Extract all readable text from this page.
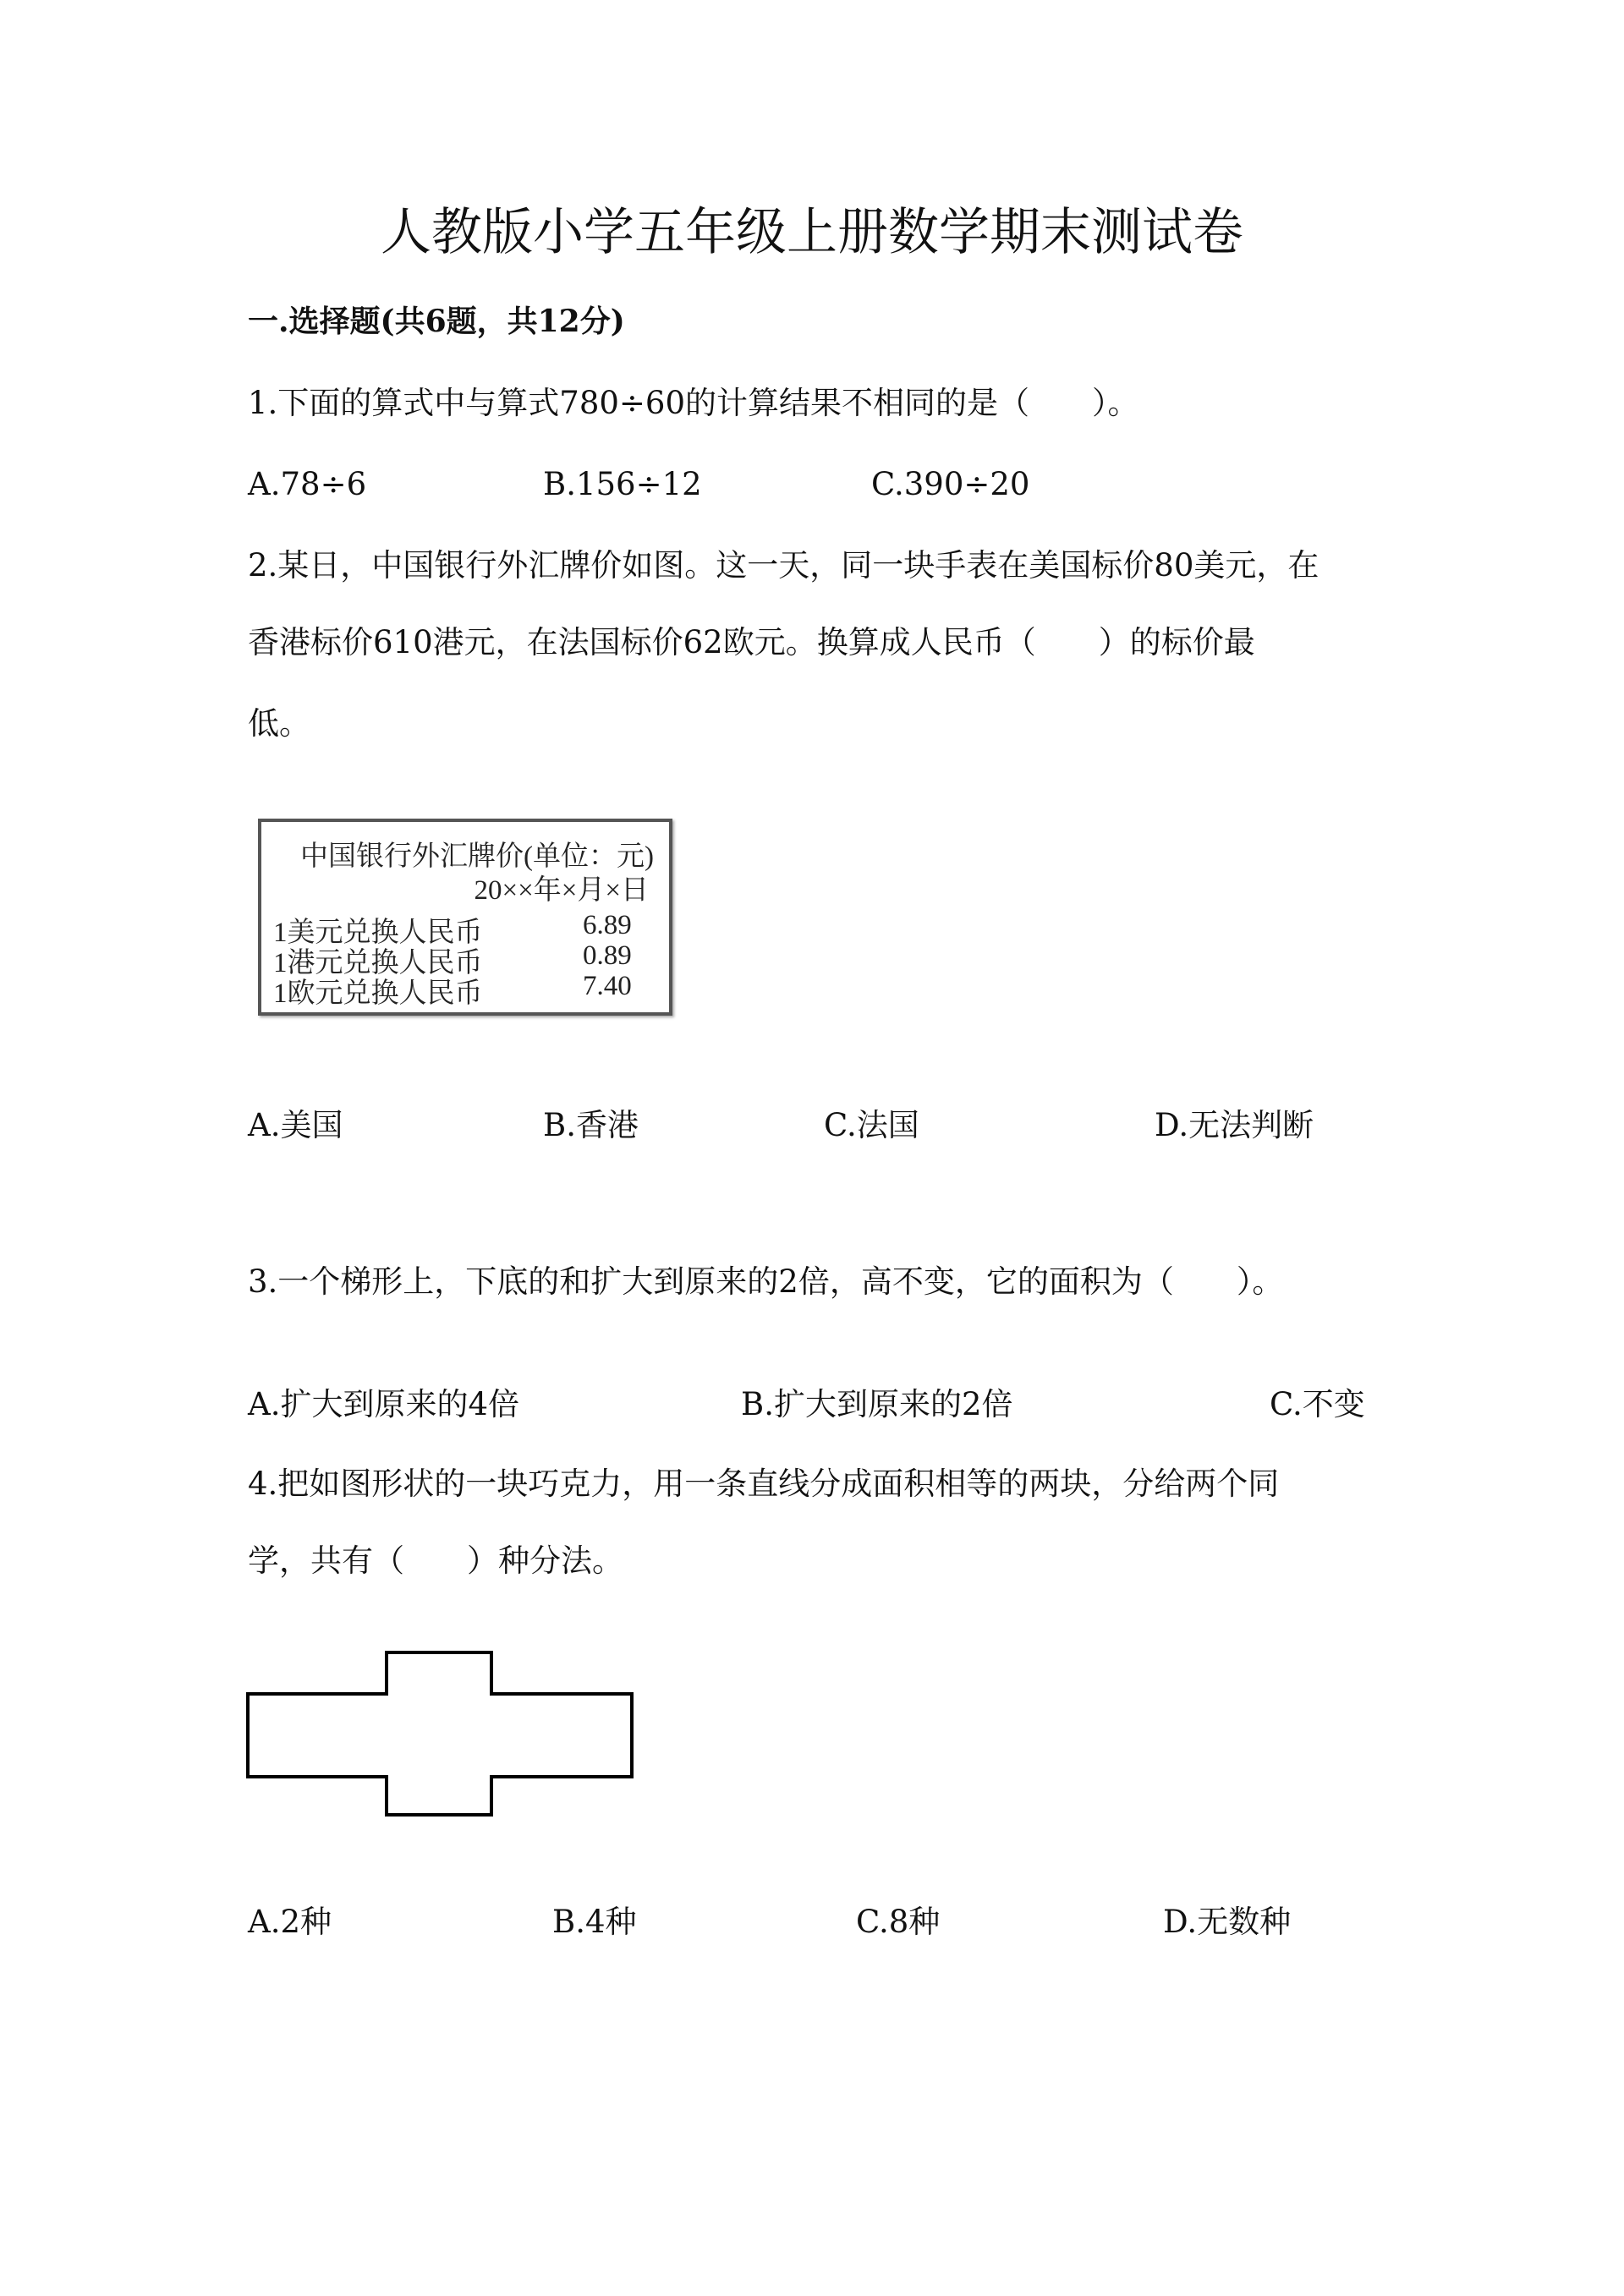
人教版小学五年级上册数学期末测试卷
一.选择题(共6题，共12分)
1.下面的算式中与算式780÷60的计算结果不相同的是（　　）。
A.78÷6	B.156÷12	C.390÷20
2.某日，中国银行外汇牌价如图。这一天，同一块手表在美国标价80美元，在
香港标价610港元，在法国标价62欧元。换算成人民币（　　）的标价最
低。
中国银行外汇牌价(单位：元)
20××年×月×日
1美元兑换人民币	6.89
1港元兑换人民币	0.89
1欧元兑换人民币	7.40
A.美国	B.香港	C.法国	D.无法判断
3.一个梯形上，下底的和扩大到原来的2倍，高不变，它的面积为（　　）。
A.扩大到原来的4倍	B.扩大到原来的2倍	C.不变
4.把如图形状的一块巧克力，用一条直线分成面积相等的两块，分给两个同
学，共有（　　）种分法。
A.2种	B.4种	C.8种	D.无数种
